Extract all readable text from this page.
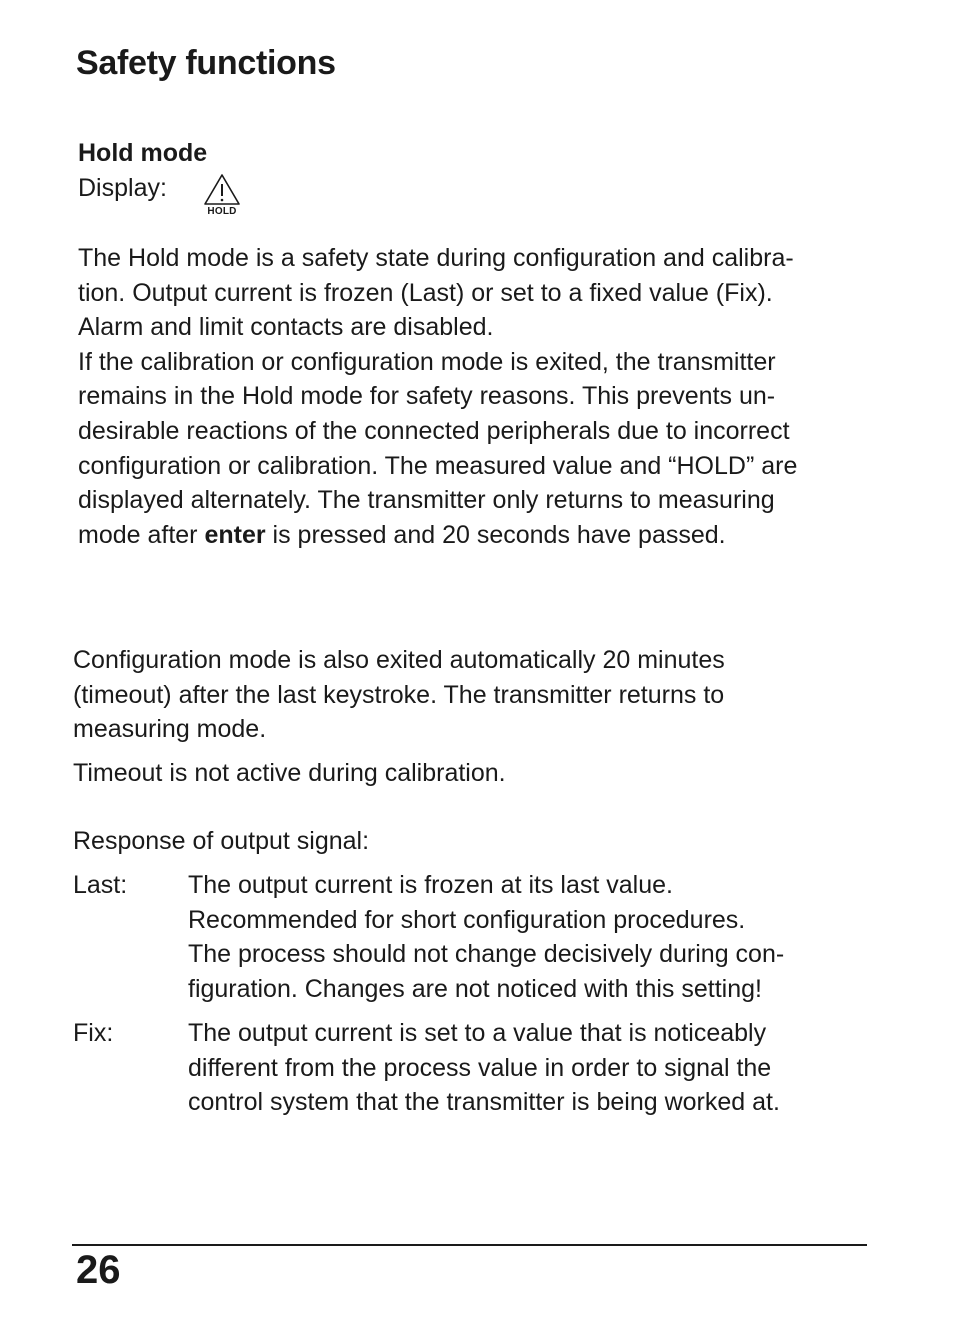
Safety functions
Hold mode
Display:
HOLD

The Hold mode is a safety state during configuration and calibra-
tion. Output current is frozen (Last) or set to a fixed value (Fix).
Alarm and limit contacts are disabled.
If the calibration or configuration mode is exited, the transmitter
remains in the Hold mode for safety reasons. This prevents un-
desirable reactions of the connected peripherals due to incorrect
configuration or calibration. The measured value and “HOLD” are
displayed alternately. The transmitter only returns to measuring
mode after enter is pressed and 20 seconds have passed.

Configuration mode is also exited automatically 20 minutes
(timeout) after the last keystroke. The transmitter returns to
measuring mode.

Timeout is not active during calibration.

Response of output signal:

Last: The output current is frozen at its last value.
Recommended for short configuration procedures.
The process should not change decisively during con-
figuration. Changes are not noticed with this setting!

Fix:	The output current is set to a value that is noticeably
different from the process value in order to signal the
control system that the transmitter is being worked at.

26
